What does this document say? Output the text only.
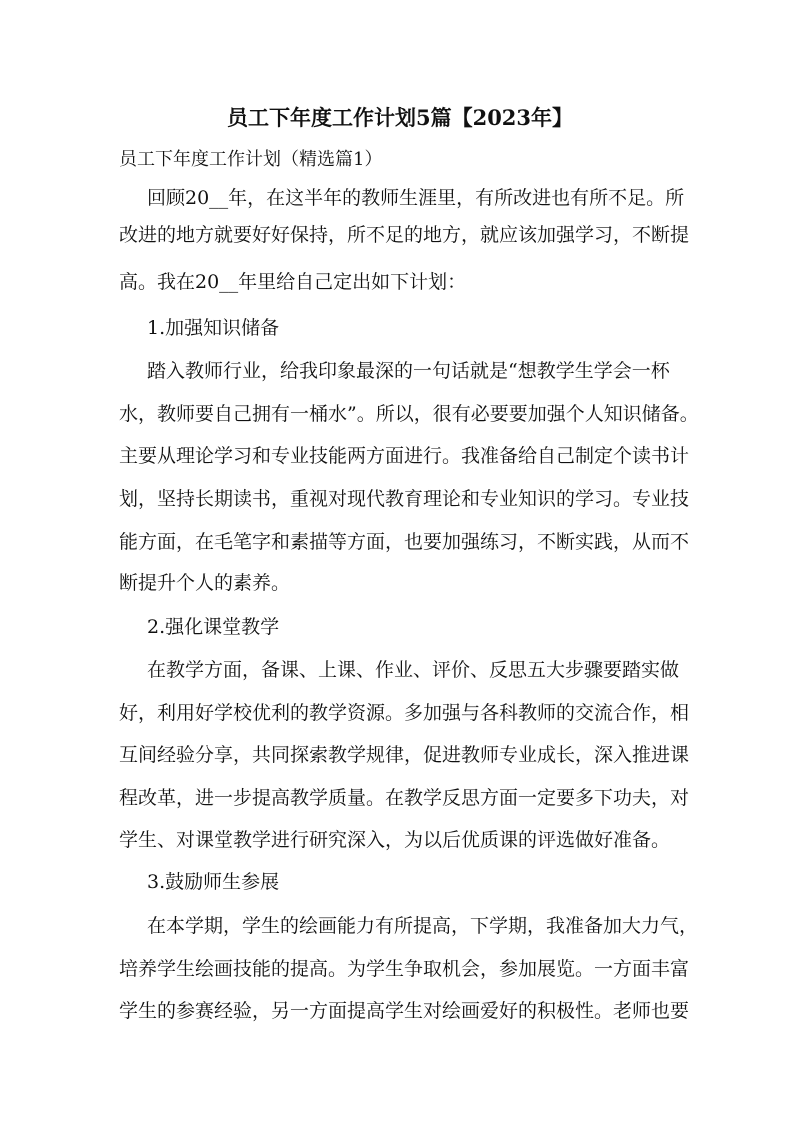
员工下年度工作计划5篇【2023年】
员工下年度工作计划（精选篇1）
回顾20__年，在这半年的教师生涯里，有所改进也有所不足。所
改进的地方就要好好保持，所不足的地方，就应该加强学习，不断提
高。我在20__年里给自己定出如下计划：
1.加强知识储备
踏入教师行业，给我印象最深的一句话就是“想教学生学会一杯
水，教师要自己拥有一桶水”。所以，很有必要要加强个人知识储备。
主要从理论学习和专业技能两方面进行。我准备给自己制定个读书计
划，坚持长期读书，重视对现代教育理论和专业知识的学习。专业技
能方面，在毛笔字和素描等方面，也要加强练习，不断实践，从而不
断提升个人的素养。
2.强化课堂教学
在教学方面，备课、上课、作业、评价、反思五大步骤要踏实做
好，利用好学校优利的教学资源。多加强与各科教师的交流合作，相
互间经验分享，共同探索教学规律，促进教师专业成长，深入推进课
程改革，进一步提高教学质量。在教学反思方面一定要多下功夫，对
学生、对课堂教学进行研究深入，为以后优质课的评选做好准备。
3.鼓励师生参展
在本学期，学生的绘画能力有所提高，下学期，我准备加大力气，
培养学生绘画技能的提高。为学生争取机会，参加展览。一方面丰富
学生的参赛经验，另一方面提高学生对绘画爱好的积极性。老师也要
